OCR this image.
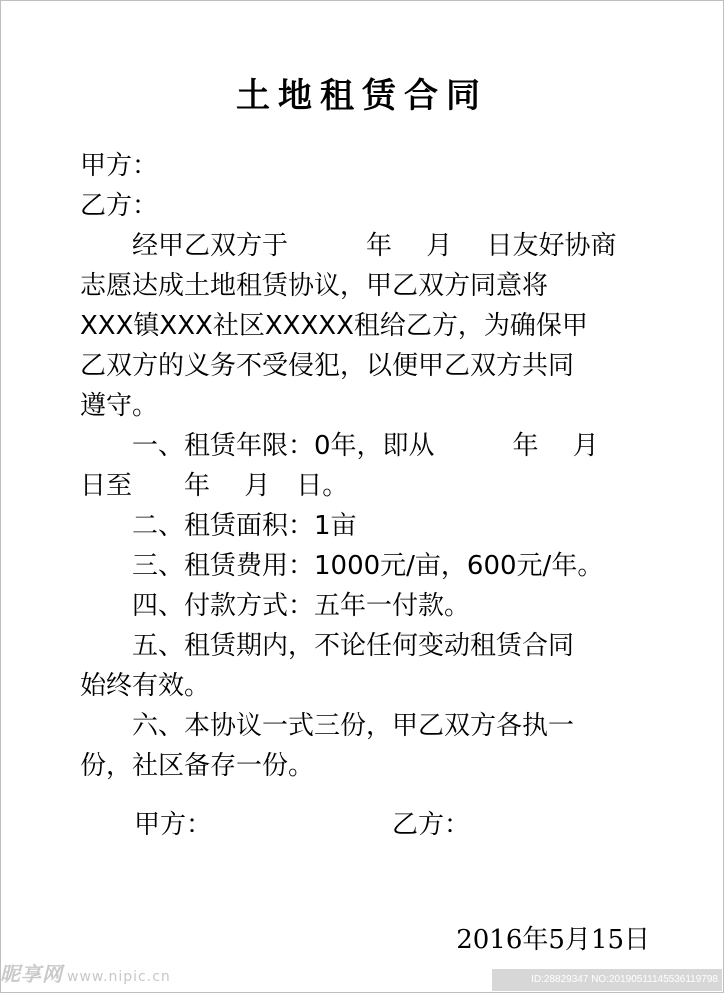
土地租赁合同
甲方：
乙方：
　　经甲乙双方于　　　年　 月　 日友好协商
志愿达成土地租赁协议，甲乙双方同意将
XXX镇XXX社区XXXXX租给乙方，为确保甲
乙双方的义务不受侵犯，以便甲乙双方共同
遵守。
　　一、租赁年限：0年，即从　　　年　 月
日至　　年　 月　日。
　　二、租赁面积：1亩
　　三、租赁费用：1000元/亩，600元/年。
　　四、付款方式：五年一付款。
　　五、租赁期内，不论任何变动租赁合同
始终有效。
　　六、本协议一式三份，甲乙双方各执一
份，社区备存一份。
甲方：	乙方：
2016年5月15日
昵享网 www.nipic.cn	ID:28829347 NO:20190511145536119798
